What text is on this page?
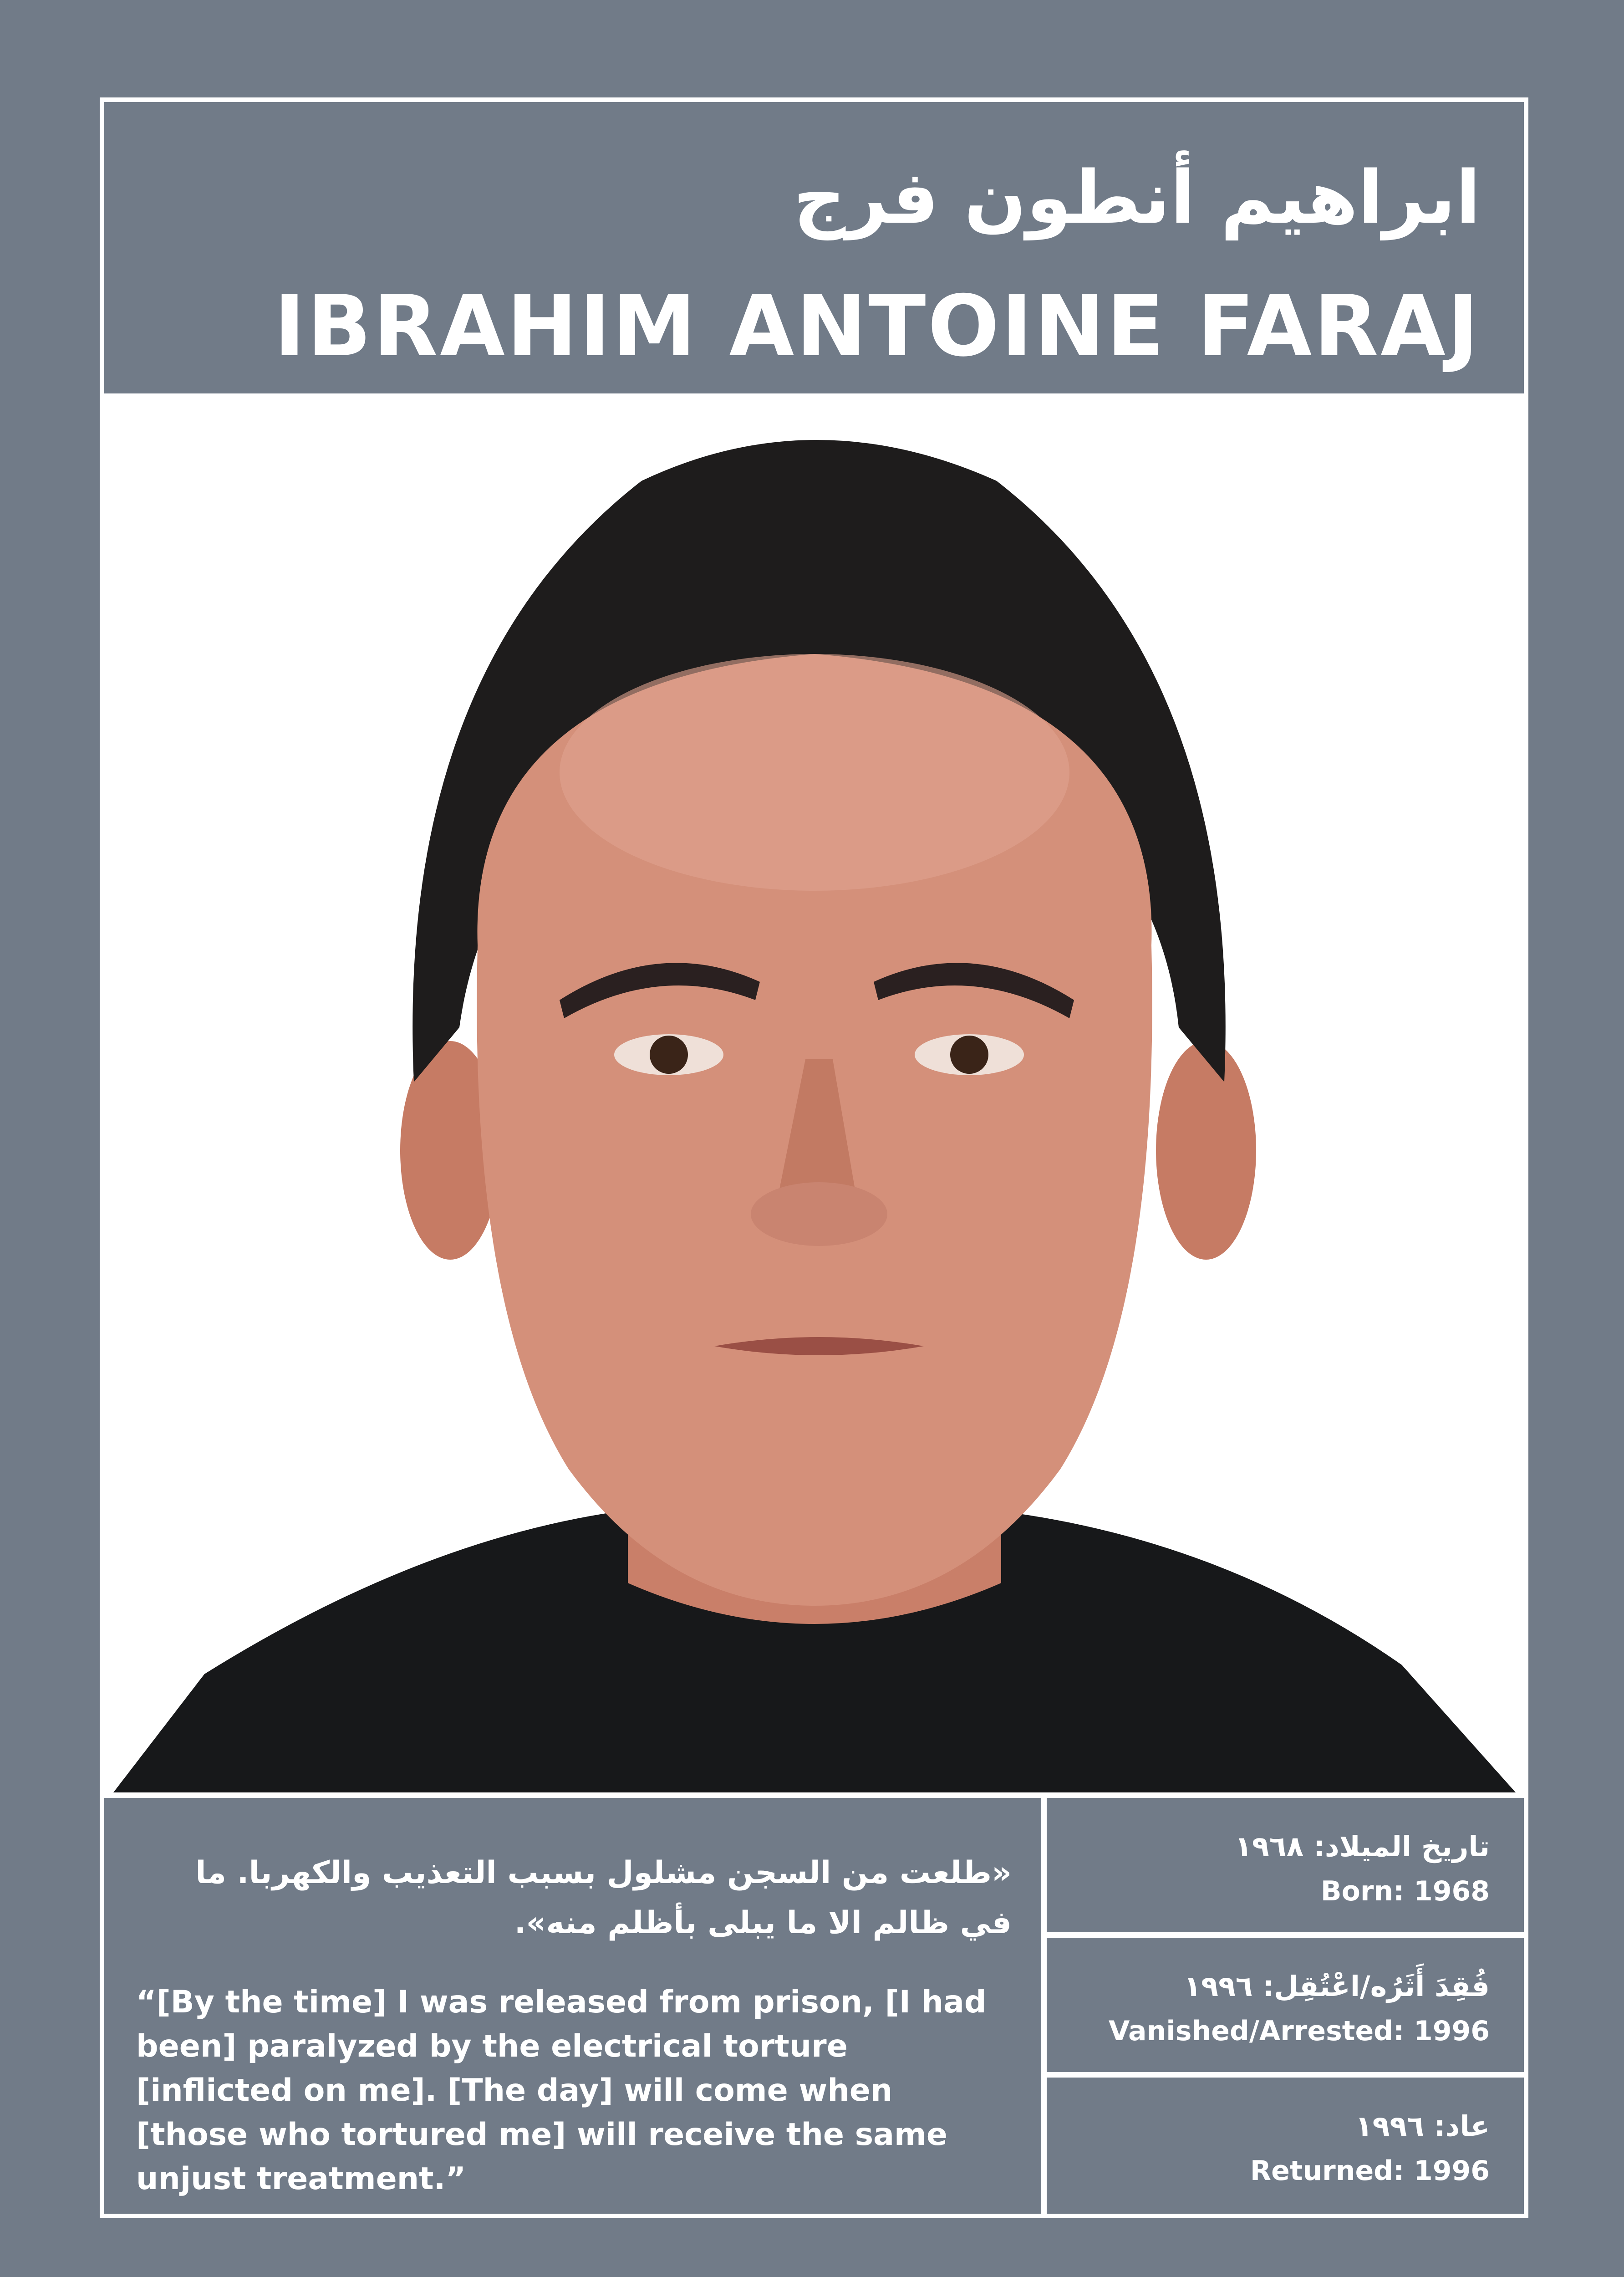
ابراهيم أنطون فرج
IBRAHIM ANTOINE FARAJ
«طلعت من السجن مشلول بسبب التعذيب والكهربا. ما في ظالم الا ما يبلى بأظلم منه».
“[By the time] I was released from prison, [I had been] paralyzed by the electrical torture [inflicted on me]. [The day] will come when [those who tortured me] will receive the same unjust treatment.”
تاريخ الميلاد: ١٩٦٨
Born: 1968
فُقِدَ أَثَرُه/اعْتُقِل: ١٩٩٦
Vanished/Arrested: 1996
عاد: ١٩٩٦
Returned: 1996
